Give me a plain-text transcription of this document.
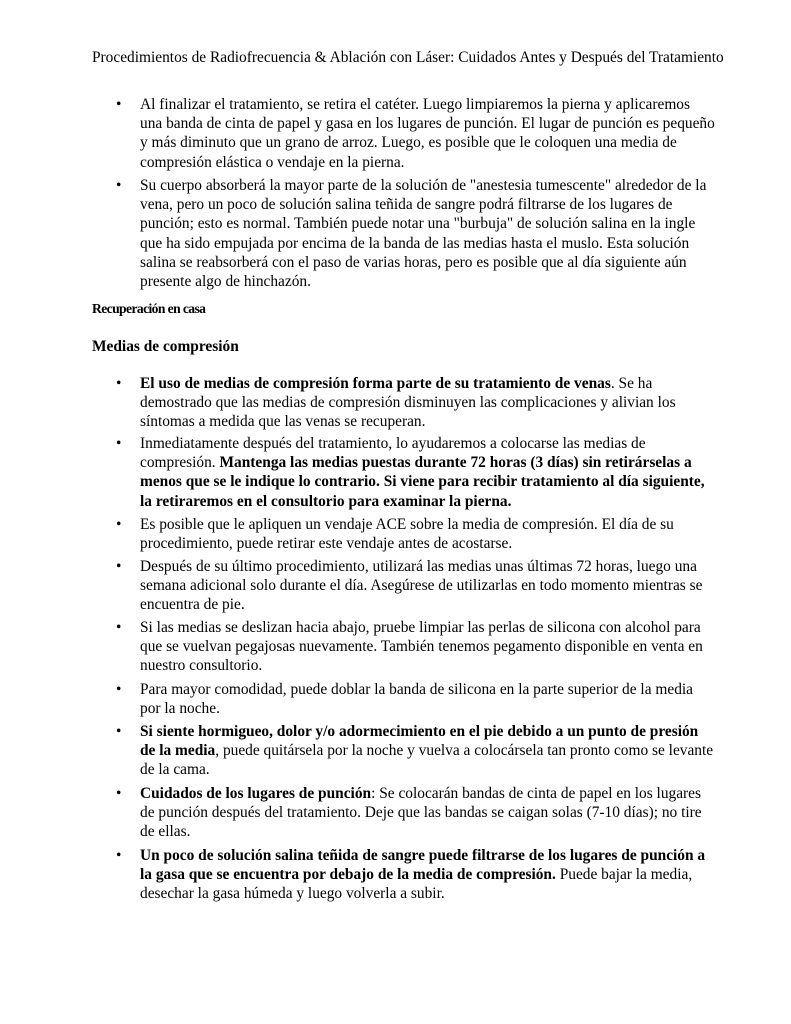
Procedimientos de Radiofrecuencia & Ablación con Láser: Cuidados Antes y Después del Tratamiento
• Al finalizar el tratamiento, se retira el catéter. Luego limpiaremos la pierna y aplicaremos una banda de cinta de papel y gasa en los lugares de punción. El lugar de punción es pequeño y más diminuto que un grano de arroz. Luego, es posible que le coloquen una media de compresión elástica o vendaje en la pierna.
• Su cuerpo absorberá la mayor parte de la solución de "anestesia tumescente" alrededor de la vena, pero un poco de solución salina teñida de sangre podrá filtrarse de los lugares de punción; esto es normal. También puede notar una "burbuja" de solución salina en la ingle que ha sido empujada por encima de la banda de las medias hasta el muslo. Esta solución salina se reabsorberá con el paso de varias horas, pero es posible que al día siguiente aún presente algo de hinchazón.
Recuperación en casa
Medias de compresión
• El uso de medias de compresión forma parte de su tratamiento de venas. Se ha demostrado que las medias de compresión disminuyen las complicaciones y alivian los síntomas a medida que las venas se recuperan.
• Inmediatamente después del tratamiento, lo ayudaremos a colocarse las medias de compresión. Mantenga las medias puestas durante 72 horas (3 días) sin retirárselas a menos que se le indique lo contrario. Si viene para recibir tratamiento al día siguiente, la retiraremos en el consultorio para examinar la pierna.
• Es posible que le apliquen un vendaje ACE sobre la media de compresión. El día de su procedimiento, puede retirar este vendaje antes de acostarse.
• Después de su último procedimiento, utilizará las medias unas últimas 72 horas, luego una semana adicional solo durante el día. Asegúrese de utilizarlas en todo momento mientras se encuentra de pie.
• Si las medias se deslizan hacia abajo, pruebe limpiar las perlas de silicona con alcohol para que se vuelvan pegajosas nuevamente. También tenemos pegamento disponible en venta en nuestro consultorio.
• Para mayor comodidad, puede doblar la banda de silicona en la parte superior de la media por la noche.
• Si siente hormigueo, dolor y/o adormecimiento en el pie debido a un punto de presión de la media, puede quitársela por la noche y vuelva a colocársela tan pronto como se levante de la cama.
• Cuidados de los lugares de punción: Se colocarán bandas de cinta de papel en los lugares de punción después del tratamiento. Deje que las bandas se caigan solas (7-10 días); no tire de ellas.
• Un poco de solución salina teñida de sangre puede filtrarse de los lugares de punción a la gasa que se encuentra por debajo de la media de compresión. Puede bajar la media, desechar la gasa húmeda y luego volverla a subir.
